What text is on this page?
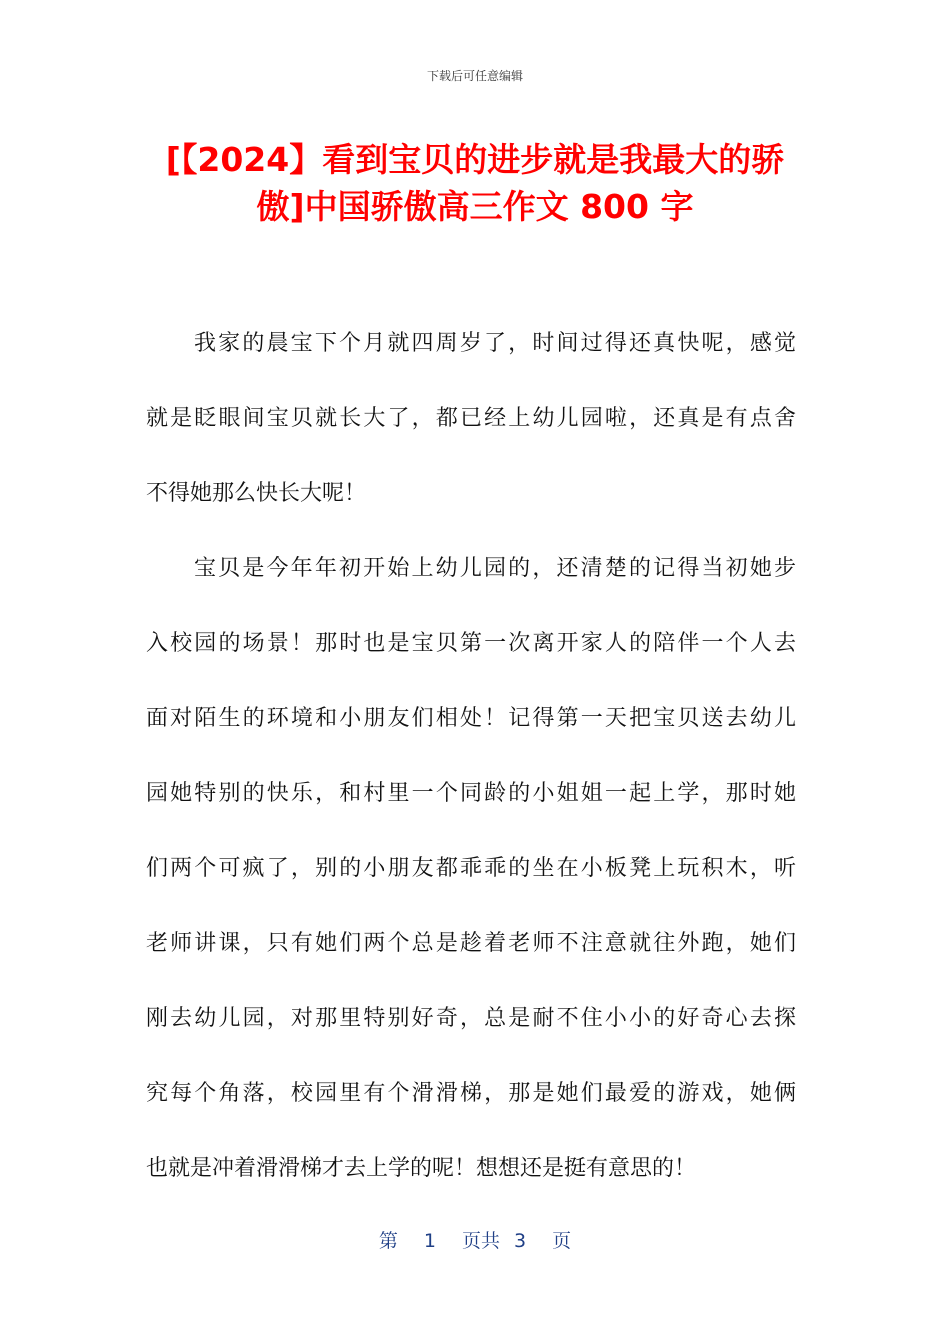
下载后可任意编辑
[【2024】看到宝贝的进步就是我最大的骄
傲]中国骄傲高三作文 800 字
我家的晨宝下个月就四周岁了，时间过得还真快呢，感觉
就是眨眼间宝贝就长大了，都已经上幼儿园啦，还真是有点舍
不得她那么快长大呢！
宝贝是今年年初开始上幼儿园的，还清楚的记得当初她步
入校园的场景！那时也是宝贝第一次离开家人的陪伴一个人去
面对陌生的环境和小朋友们相处！记得第一天把宝贝送去幼儿
园她特别的快乐，和村里一个同龄的小姐姐一起上学，那时她
们两个可疯了，别的小朋友都乖乖的坐在小板凳上玩积木，听
老师讲课，只有她们两个总是趁着老师不注意就往外跑，她们
刚去幼儿园，对那里特别好奇，总是耐不住小小的好奇心去探
究每个角落，校园里有个滑滑梯，那是她们最爱的游戏，她俩
也就是冲着滑滑梯才去上学的呢！想想还是挺有意思的！
第 1 页共 3 页
